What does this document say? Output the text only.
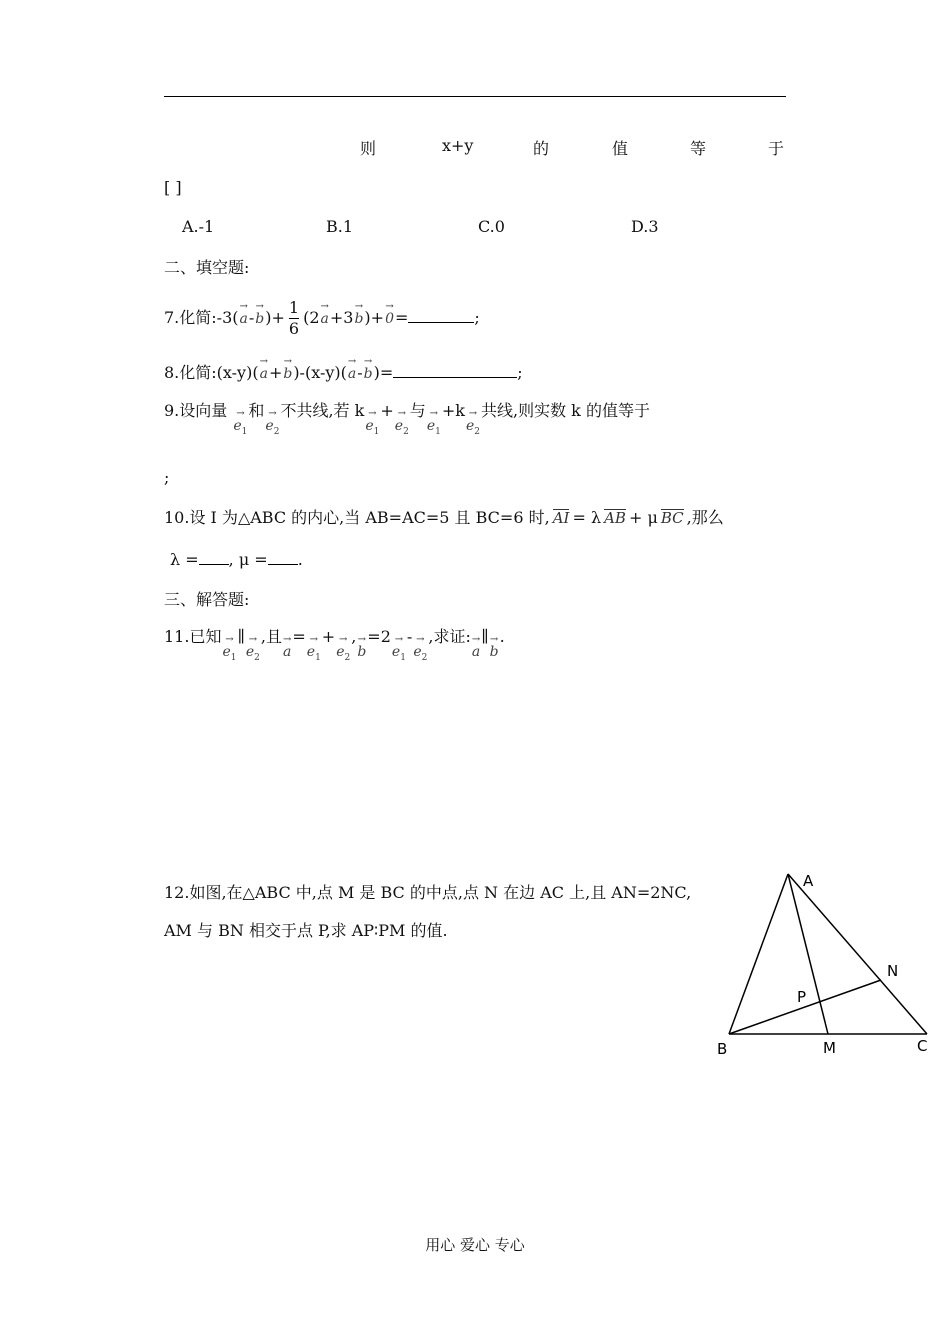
则	x+y	的	值	等	于
[ ]
A.-1	B.1	C.0	D.3
二、填空题:
7.化简:-3(
→
a-
→
$b)+ \frac{1}{6} (2$
→
a+3
→
b)+
→
0=	;
8.化简:(x-y)(
→
a+
→
b)-(x-y)(
→
a-
→
b)=	;
9.设向量 →
$e_1$和 →
$e_2$不共线,若 k →
$e_1+$ →
$e_2$与 →
$e_1+k$ →
$e_2$共线,则实数 k 的值等于
;
10.设 I 为△ABC 的内心,当 AB=AC=5 且 BC=6 时, AI = λ AB + μ BC ,那么
λ = , μ = .
三、解答题:
11.已知 →
$e_1\parallel$ →
$e_2$,且 →
a= →
$e_1+$ →
$e_2$, →
b=2 →
$e_1-$ →
$e_2$,求证: →
a∥ →
b.
12.如图,在△ABC 中,点 M 是 BC 的中点,点 N 在边 AC 上,且 AN=2NC,
AM 与 BN 相交于点 P,求 AP∶PM 的值.
A
B	C
M
N
P
用心 爱心 专心
